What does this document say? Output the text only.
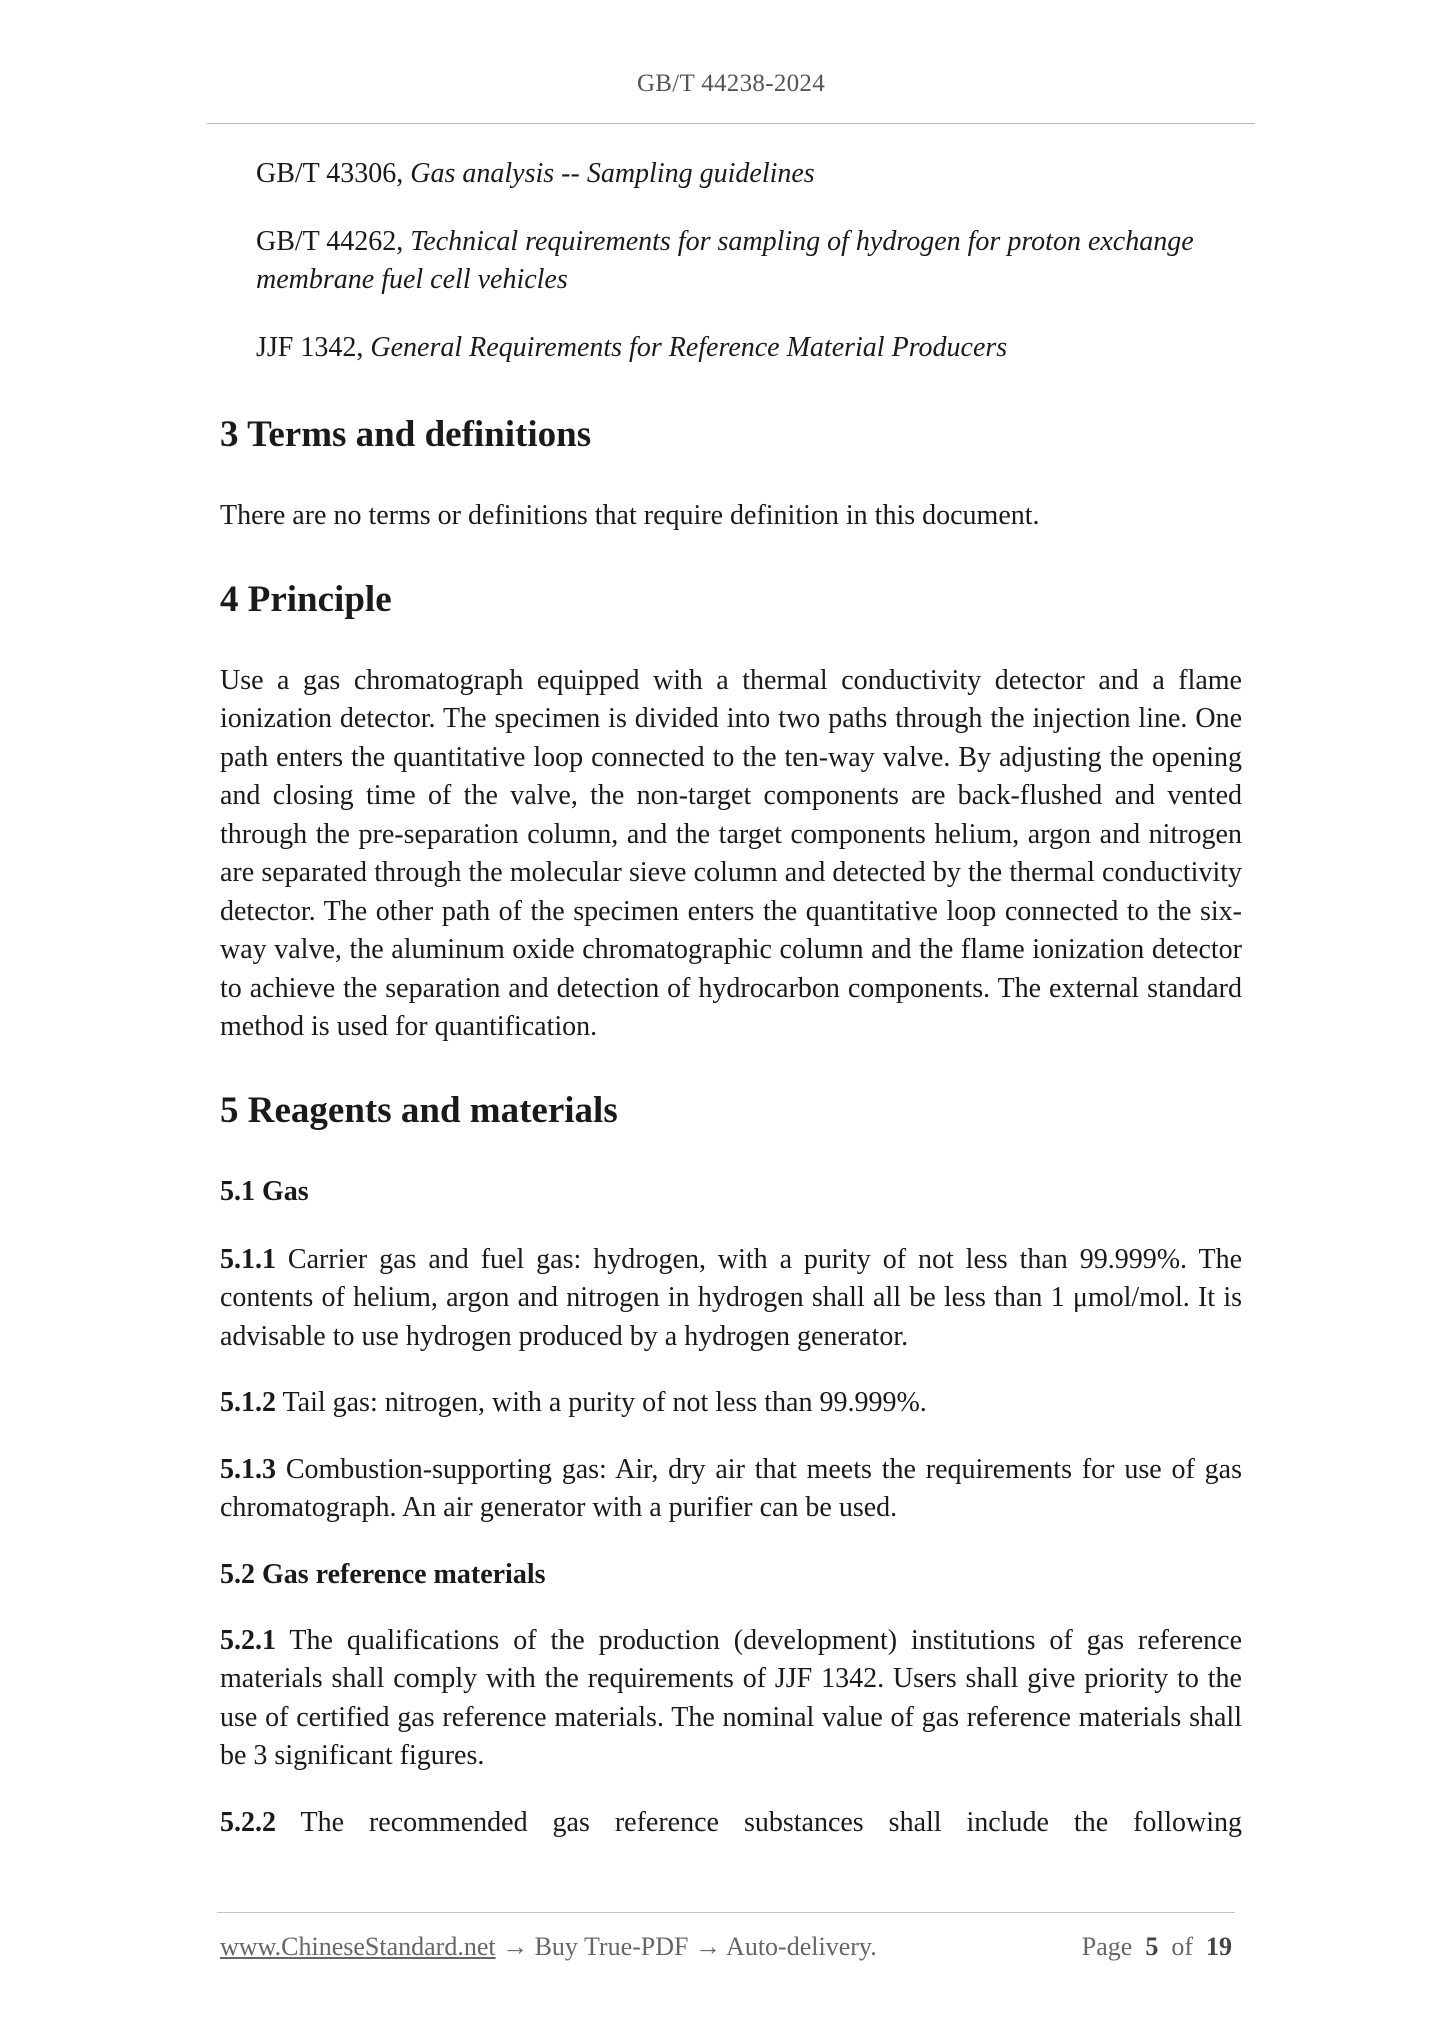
GB/T 44238-2024

GB/T 43306, Gas analysis -- Sampling guidelines

GB/T 44262, Technical requirements for sampling of hydrogen for proton exchange membrane fuel cell vehicles

JJF 1342, General Requirements for Reference Material Producers

3 Terms and definitions

There are no terms or definitions that require definition in this document.

4 Principle

Use a gas chromatograph equipped with a thermal conductivity detector and a flame ionization detector. The specimen is divided into two paths through the injection line. One path enters the quantitative loop connected to the ten-way valve. By adjusting the opening and closing time of the valve, the non-target components are back-flushed and vented through the pre-separation column, and the target components helium, argon and nitrogen are separated through the molecular sieve column and detected by the thermal conductivity detector. The other path of the specimen enters the quantitative loop connected to the six-way valve, the aluminum oxide chromatographic column and the flame ionization detector to achieve the separation and detection of hydrocarbon components. The external standard method is used for quantification.

5 Reagents and materials
5.1 Gas

5.1.1 Carrier gas and fuel gas: hydrogen, with a purity of not less than 99.999%. The contents of helium, argon and nitrogen in hydrogen shall all be less than 1 μmol/mol. It is advisable to use hydrogen produced by a hydrogen generator.

5.1.2 Tail gas: nitrogen, with a purity of not less than 99.999%.

5.1.3 Combustion-supporting gas: Air, dry air that meets the requirements for use of gas chromatograph. An air generator with a purifier can be used.

5.2 Gas reference materials

5.2.1 The qualifications of the production (development) institutions of gas reference materials shall comply with the requirements of JJF 1342. Users shall give priority to the use of certified gas reference materials. The nominal value of gas reference materials shall be 3 significant figures.

5.2.2 The recommended gas reference substances shall include the following

www.ChineseStandard.net → Buy True-PDF → Auto-delivery.	Page 5 of 19
